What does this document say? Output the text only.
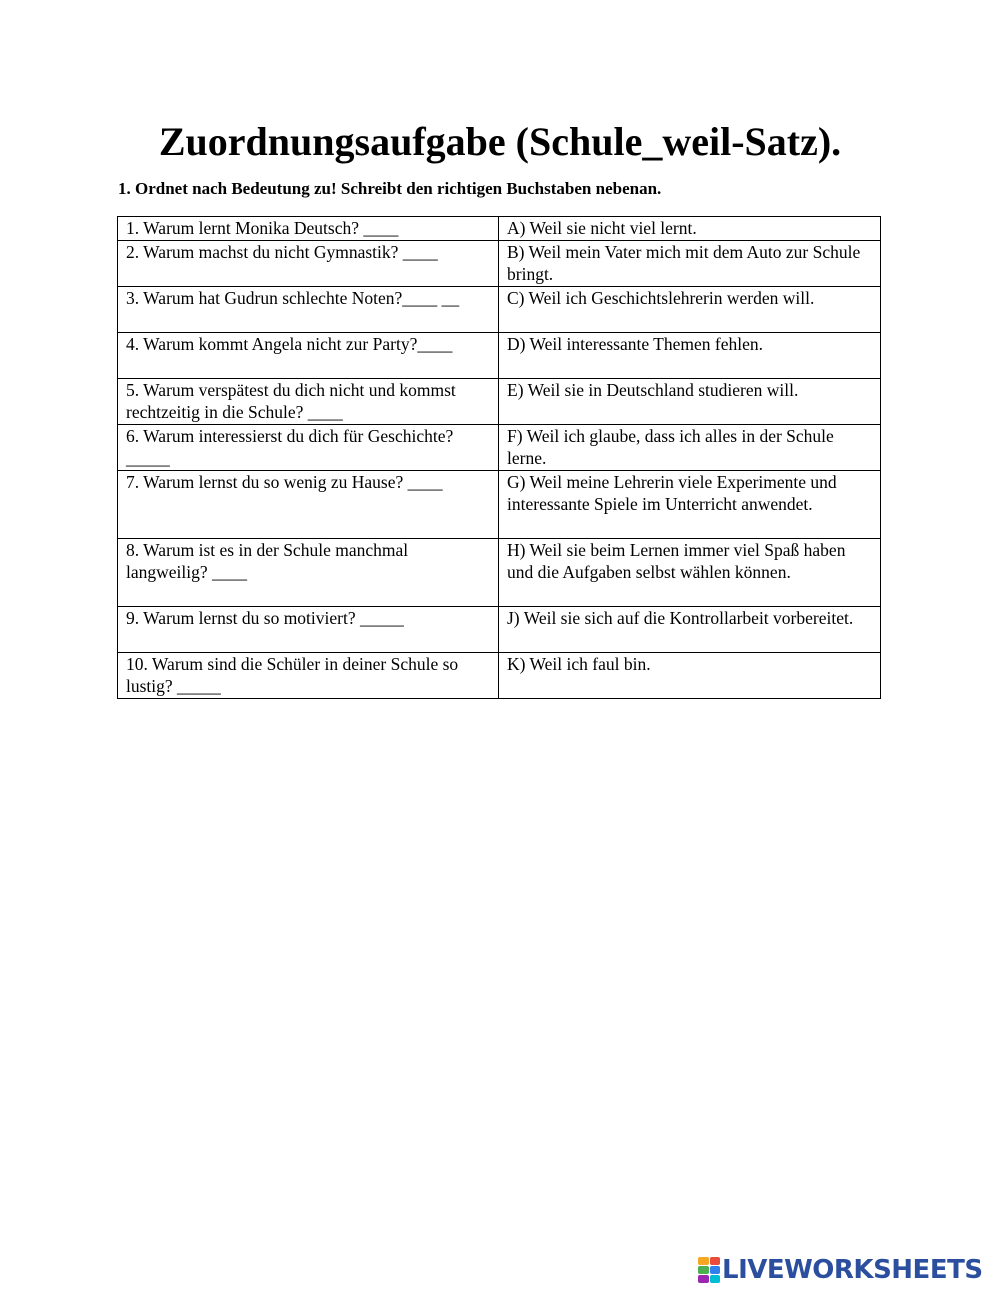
Zuordnungsaufgabe (Schule_weil-Satz).
1. Ordnet nach Bedeutung zu! Schreibt den richtigen Buchstaben nebenan.
1. Warum lernt Monika Deutsch? ____	A) Weil sie nicht viel lernt.
2. Warum machst du nicht Gymnastik? ____	B) Weil mein Vater mich mit dem Auto zur Schule bringt.
3. Warum hat Gudrun schlechte Noten?____ __	C) Weil ich Geschichtslehrerin werden will.
4. Warum kommt Angela nicht zur Party?____	D) Weil interessante Themen fehlen.
5. Warum verspätest du dich nicht und kommst rechtzeitig in die Schule? ____	E) Weil sie in Deutschland studieren will.
6. Warum interessierst du dich für Geschichte? _____	F) Weil ich glaube, dass ich alles in der Schule lerne.
7. Warum lernst du so wenig zu Hause? ____	G) Weil meine Lehrerin viele Experimente und interessante Spiele im Unterricht anwendet.
8. Warum ist es in der Schule manchmal langweilig? ____	H) Weil sie beim Lernen immer viel Spaß haben und die Aufgaben selbst wählen können.
9. Warum lernst du so motiviert? _____	J) Weil sie sich auf die Kontrollarbeit vorbereitet.
10. Warum sind die Schüler in deiner Schule so lustig? _____	K) Weil ich faul bin.
LIVEWORKSHEETS
